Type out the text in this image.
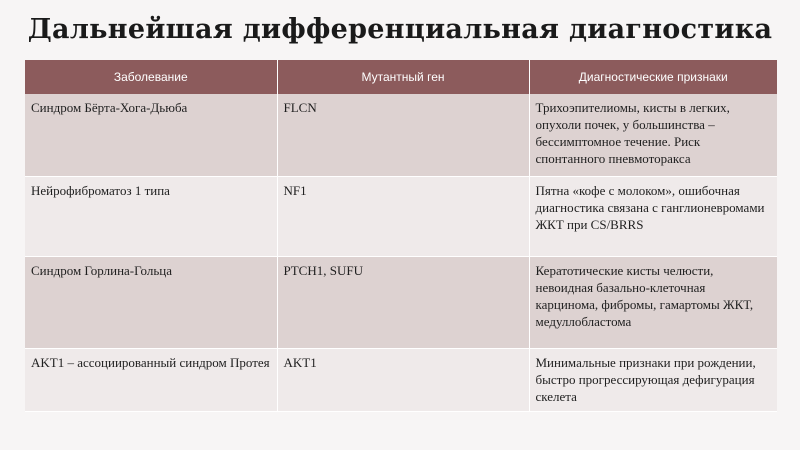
Дальнейшая дифференциальная диагностика
Заболевание	Мутантный ген	Диагностические признаки
Синдром Бёрта-Хога-Дьюба	FLCN	Трихоэпителиомы, кисты в легких, опухоли почек, у большинства – бессимптомное течение. Риск спонтанного пневмоторакса
Нейрофиброматоз 1 типа	NF1	Пятна «кофе с молоком», ошибочная диагностика связана с ганглионевромами ЖКТ при CS/BRRS
Синдром Горлина-Гольца	PTCH1, SUFU	Кератотические кисты челюсти, невоидная базально-клеточная карцинома, фибромы, гамартомы ЖКТ, медуллобластома
AKT1 – ассоциированный синдром Протея	AKT1	Минимальные признаки при рождении, быстро прогрессирующая дефигурация скелета
